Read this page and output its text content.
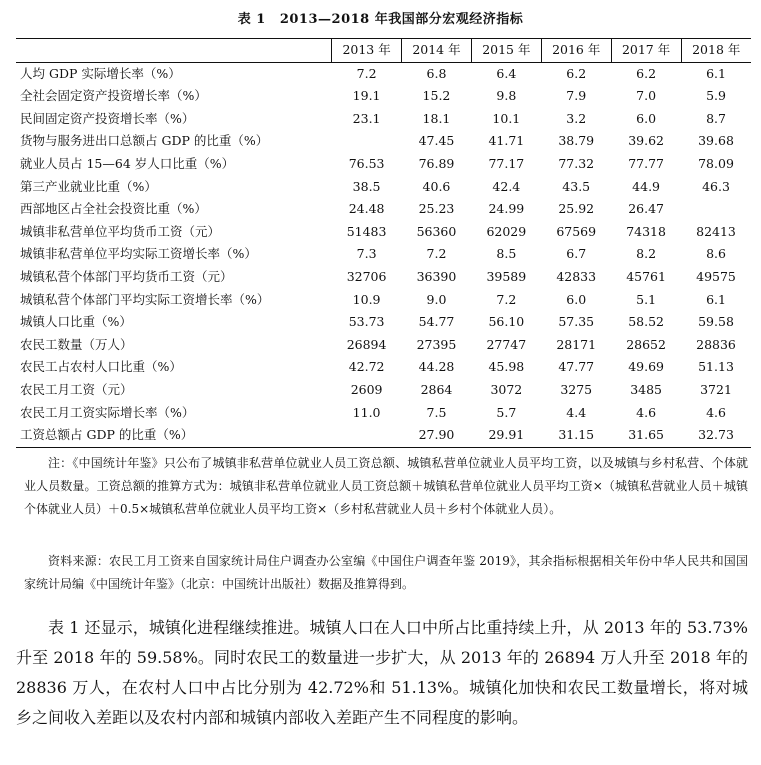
表 1 2013—2018 年我国部分宏观经济指标
	2013 年	2014 年	2015 年	2016 年	2017 年	2018 年
人均 GDP 实际增长率（%）	7.2	6.8	6.4	6.2	6.2	6.1
全社会固定资产投资增长率（%）	19.1	15.2	9.8	7.9	7.0	5.9
民间固定资产投资增长率（%）	23.1	18.1	10.1	3.2	6.0	8.7
货物与服务进出口总额占 GDP 的比重（%）		47.45	41.71	38.79	39.62	39.68
就业人员占 15—64 岁人口比重（%）	76.53	76.89	77.17	77.32	77.77	78.09
第三产业就业比重（%）	38.5	40.6	42.4	43.5	44.9	46.3
西部地区占全社会投资比重（%）	24.48	25.23	24.99	25.92	26.47	
城镇非私营单位平均货币工资（元）	51483	56360	62029	67569	74318	82413
城镇非私营单位平均实际工资增长率（%）	7.3	7.2	8.5	6.7	8.2	8.6
城镇私营个体部门平均货币工资（元）	32706	36390	39589	42833	45761	49575
城镇私营个体部门平均实际工资增长率（%）	10.9	9.0	7.2	6.0	5.1	6.1
城镇人口比重（%）	53.73	54.77	56.10	57.35	58.52	59.58
农民工数量（万人）	26894	27395	27747	28171	28652	28836
农民工占农村人口比重（%）	42.72	44.28	45.98	47.77	49.69	51.13
农民工月工资（元）	2609	2864	3072	3275	3485	3721
农民工月工资实际增长率（%）	11.0	7.5	5.7	4.4	4.6	4.6
工资总额占 GDP 的比重（%）		27.90	29.91	31.15	31.65	32.73

注：《中国统计年鉴》只公布了城镇非私营单位就业人员工资总额、城镇私营单位就业人员平均工资，以及城镇与乡村私营、个体就业人员数量。工资总额的推算方式为：城镇非私营单位就业人员工资总额＋城镇私营单位就业人员平均工资×（城镇私营就业人员＋城镇个体就业人员）＋0.5×城镇私营单位就业人员平均工资×（乡村私营就业人员＋乡村个体就业人员）。

资料来源：农民工月工资来自国家统计局住户调查办公室编《中国住户调查年鉴 2019》，其余指标根据相关年份中华人民共和国国家统计局编《中国统计年鉴》（北京：中国统计出版社）数据及推算得到。

表 1 还显示，城镇化进程继续推进。城镇人口在人口中所占比重持续上升，从 2013 年的 53.73%升至 2018 年的 59.58%。同时农民工的数量进一步扩大，从 2013 年的 26894 万人升至 2018 年的 28836 万人，在农村人口中占比分别为 42.72%和 51.13%。城镇化加快和农民工数量增长，将对城乡之间收入差距以及农村内部和城镇内部收入差距产生不同程度的影响。
